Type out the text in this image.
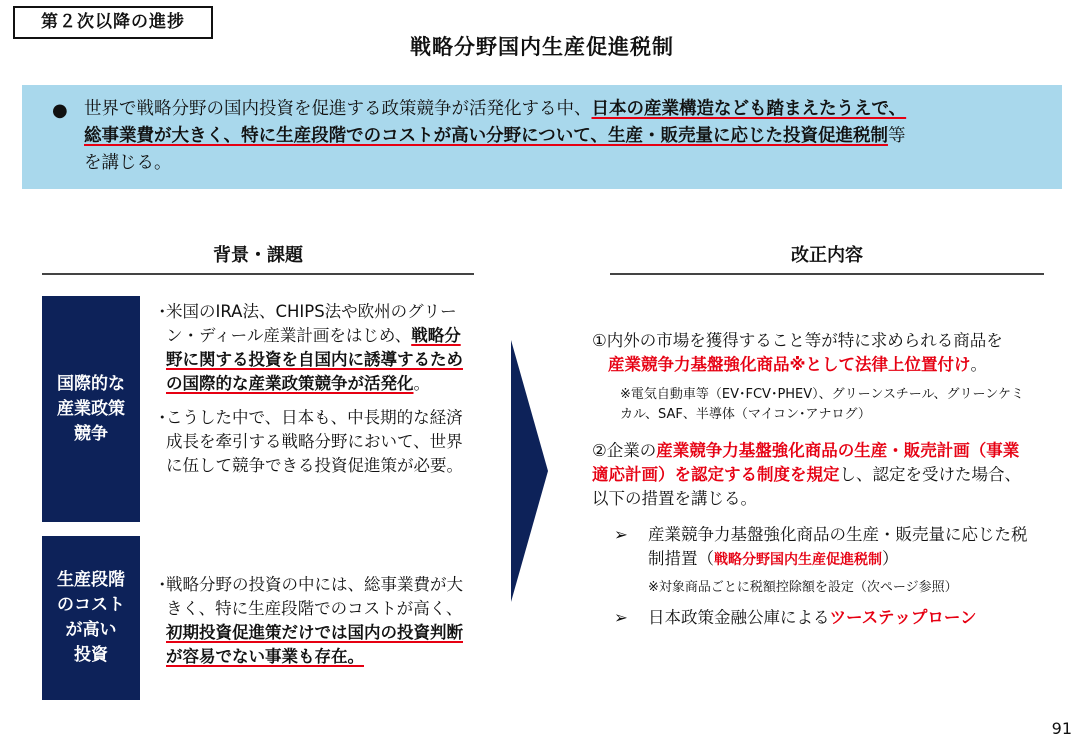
第２次以降の進捗
戦略分野国内生産促進税制
● 世界で戦略分野の国内投資を促進する政策競争が活発化する中、日本の産業構造なども踏まえたうえで、
総事業費が大きく、特に生産段階でのコストが高い分野について、生産・販売量に応じた投資促進税制等
を講じる。
背景・課題	改正内容
国際的な
産業政策
競争
生産段階
のコスト
が高い
投資
・
米国のIRA法、CHIPS法や欧州のグリーン・ディール産業計画をはじめ、戦略分野に関する投資を自国内に誘導するための国際的な産業政策競争が活発化。
・
こうした中で、日本も、中長期的な経済成長を牽引する戦略分野において、世界に伍して競争できる投資促進策が必要。
・
戦略分野の投資の中には、総事業費が大きく、特に生産段階でのコストが高く、初期投資促進策だけでは国内の投資判断が容易でない事業も存在。
①内外の市場を獲得すること等が特に求められる商品を産業競争力基盤強化商品※として法律上位置付け。
※電気自動車等（EV･FCV･PHEV）、グリーンスチール、グリーンケミカル、SAF、半導体（マイコン･アナログ）
②企業の産業競争力基盤強化商品の生産・販売計画（事業適応計画）を認定する制度を規定し、認定を受けた場合、以下の措置を講じる。
➢	産業競争力基盤強化商品の生産・販売量に応じた税制措置（戦略分野国内生産促進税制）
※対象商品ごとに税額控除額を設定（次ページ参照）
➢	日本政策金融公庫によるツーステップローン
91
